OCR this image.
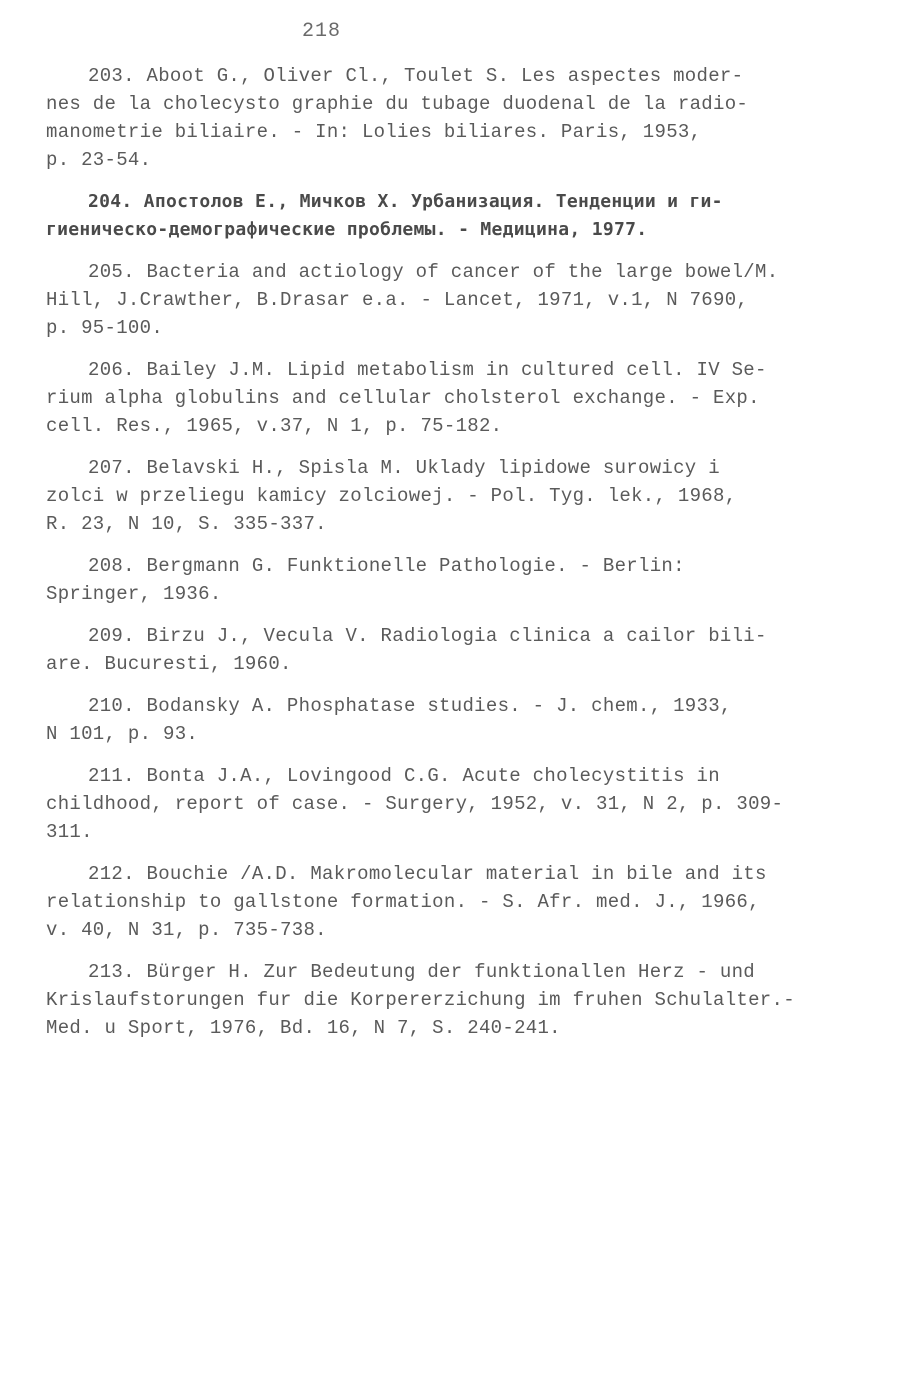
218
203. Aboot G., Oliver Cl., Toulet S. Les aspectes moder-
nes de la cholecysto graphie du tubage duodenal de la radio-
manometrie biliaire. - In: Lolies biliares. Paris, 1953,
p. 23-54.
204. Апостолов Е., Мичков Х. Урбанизация. Тенденции и ги-
гиеническо-демографические проблемы. - Медицина, 1977.
205. Bacteria and actiology of cancer of the large bowel/M.
Hill, J.Crawther, B.Drasar e.a. - Lancet, 1971, v.1, N 7690,
p. 95-100.
206. Bailey J.M. Lipid metabolism in cultured cell. IV Se-
rium alpha globulins and cellular cholsterol exchange. - Exp.
cell. Res., 1965, v.37, N 1, p. 75-182.
207. Belavski H., Spisla M. Uklady lipidowe surowicy i
zolci w przeliegu kamicy zolciowej. - Pol. Tyg. lek., 1968,
R. 23, N 10, S. 335-337.
208. Bergmann G. Funktionelle Pathologie. - Berlin:
Springer, 1936.
209. Birzu J., Vecula V. Radiologia clinica a cailor bili-
are. Bucuresti, 1960.
210. Bodansky A. Phosphatase studies. - J. chem., 1933,
N 101, p. 93.
211. Bonta J.A., Lovingood C.G. Acute cholecystitis in
childhood, report of case. - Surgery, 1952, v. 31, N 2, p. 309-
311.
212. Bouchie /A.D. Makromolecular material in bile and its
relationship to gallstone formation. - S. Afr. med. J., 1966,
v. 40, N 31, p. 735-738.
213. Bürger H. Zur Bedeutung der funktionallen Herz - und
Krislaufstorungen fur die Korpererzichung im fruhen Schulalter.-
Med. u Sport, 1976, Bd. 16, N 7, S. 240-241.
